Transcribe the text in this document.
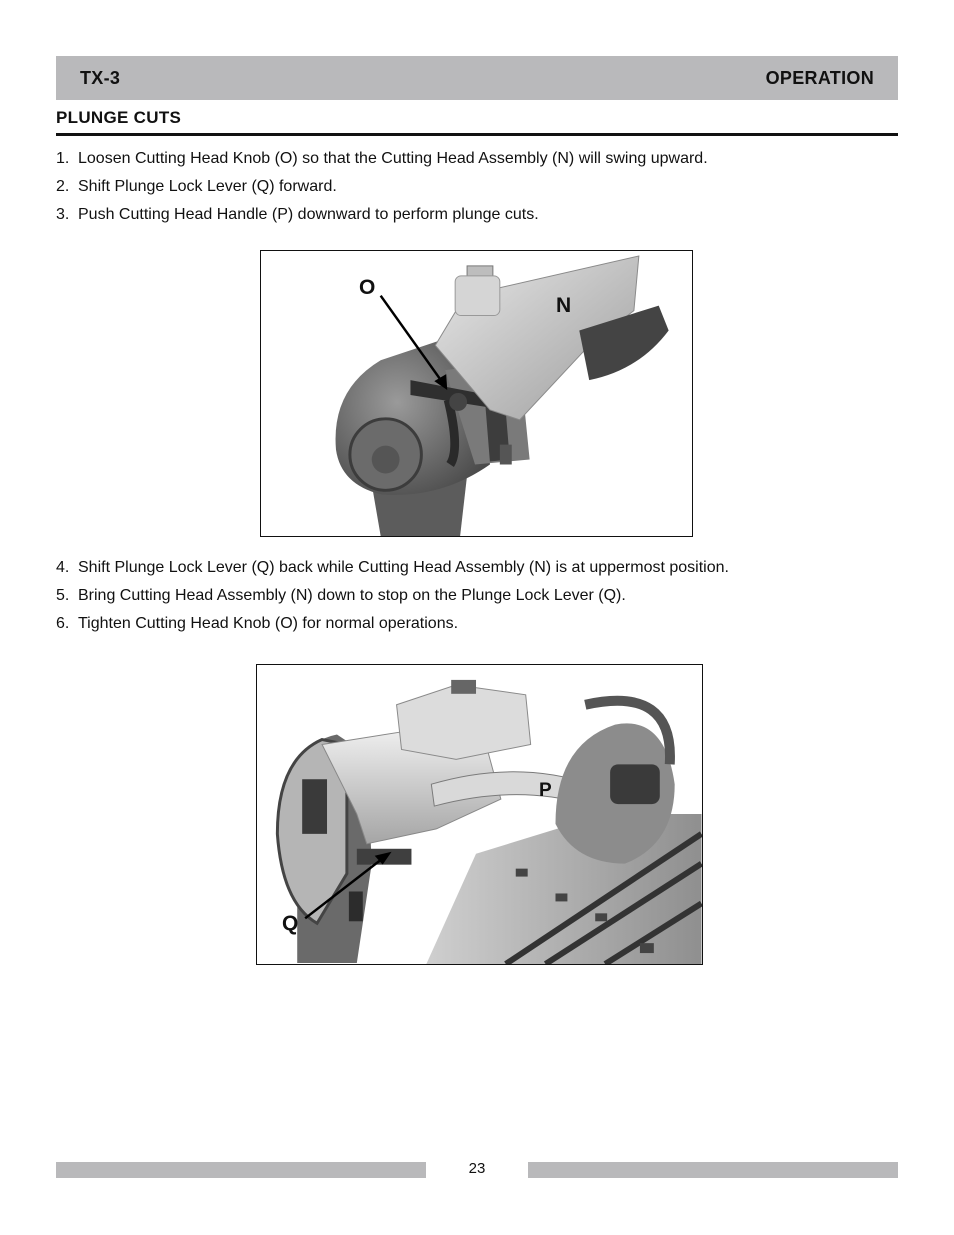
TX-3	OPERATION
PLUNGE CUTS
1. Loosen Cutting Head Knob (O) so that the Cutting Head Assembly (N) will swing upward.
2. Shift Plunge Lock Lever (Q) forward.
3. Push Cutting Head Handle (P) downward to perform plunge cuts.
O
N
4. Shift Plunge Lock Lever (Q) back while Cutting Head Assembly (N) is at uppermost position.
5. Bring Cutting Head Assembly (N) down to stop on the Plunge Lock Lever (Q).
6. Tighten Cutting Head Knob (O) for normal operations.
P
Q
23
